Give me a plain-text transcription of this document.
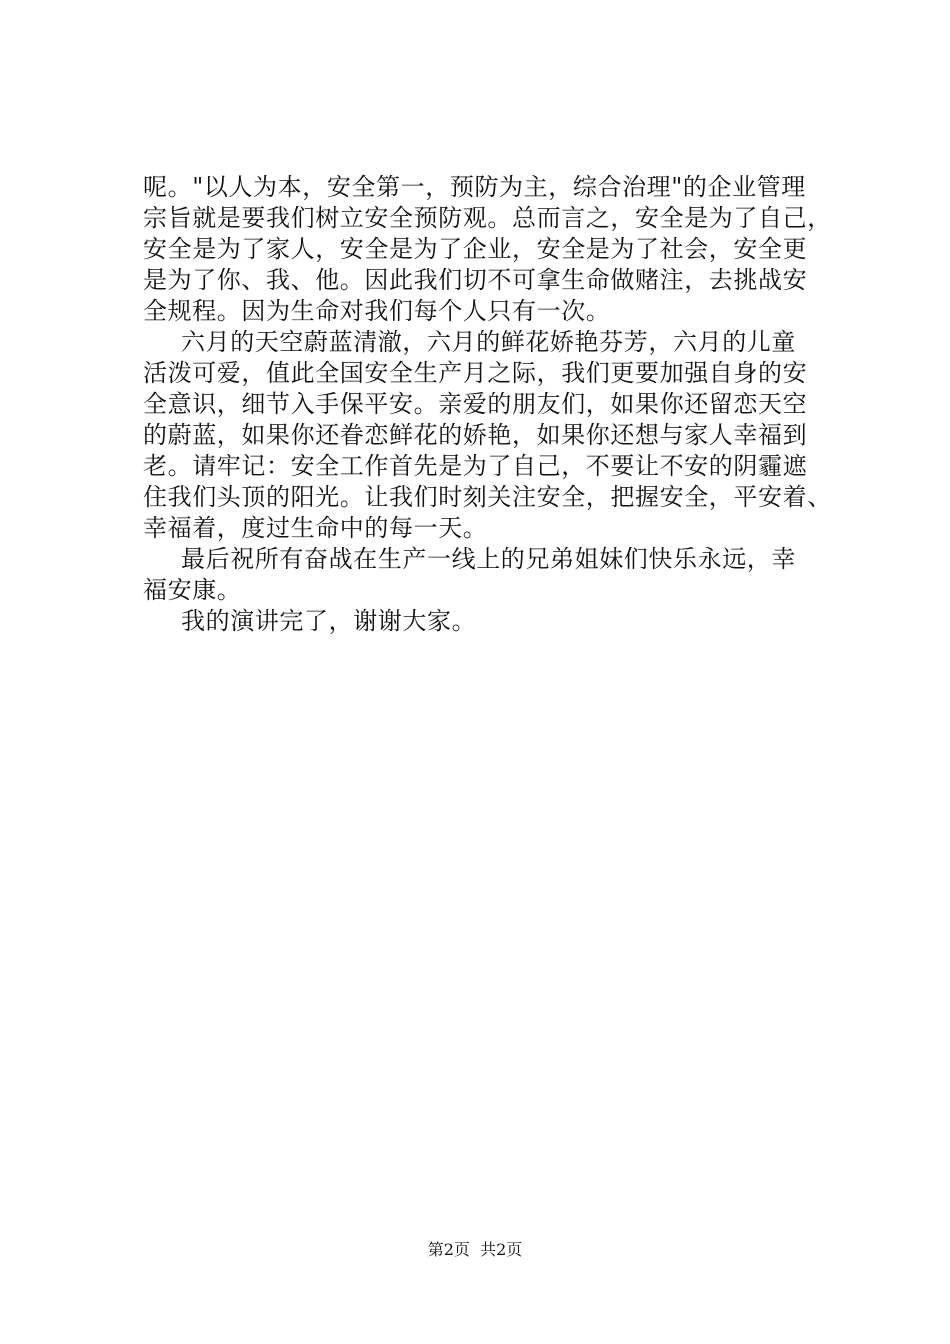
呢。"以人为本，安全第一，预防为主，综合治理"的企业管理
宗旨就是要我们树立安全预防观。总而言之，安全是为了自己，
安全是为了家人，安全是为了企业，安全是为了社会，安全更
是为了你、我、他。因此我们切不可拿生命做赌注，去挑战安
全规程。因为生命对我们每个人只有一次。
六月的天空蔚蓝清澈，六月的鲜花娇艳芬芳，六月的儿童
活泼可爱，值此全国安全生产月之际，我们更要加强自身的安
全意识，细节入手保平安。亲爱的朋友们，如果你还留恋天空
的蔚蓝，如果你还眷恋鲜花的娇艳，如果你还想与家人幸福到
老。请牢记：安全工作首先是为了自己，不要让不安的阴霾遮
住我们头顶的阳光。让我们时刻关注安全，把握安全，平安着、
幸福着，度过生命中的每一天。
最后祝所有奋战在生产一线上的兄弟姐妹们快乐永远，幸
福安康。
我的演讲完了，谢谢大家。
第2页  共2页
